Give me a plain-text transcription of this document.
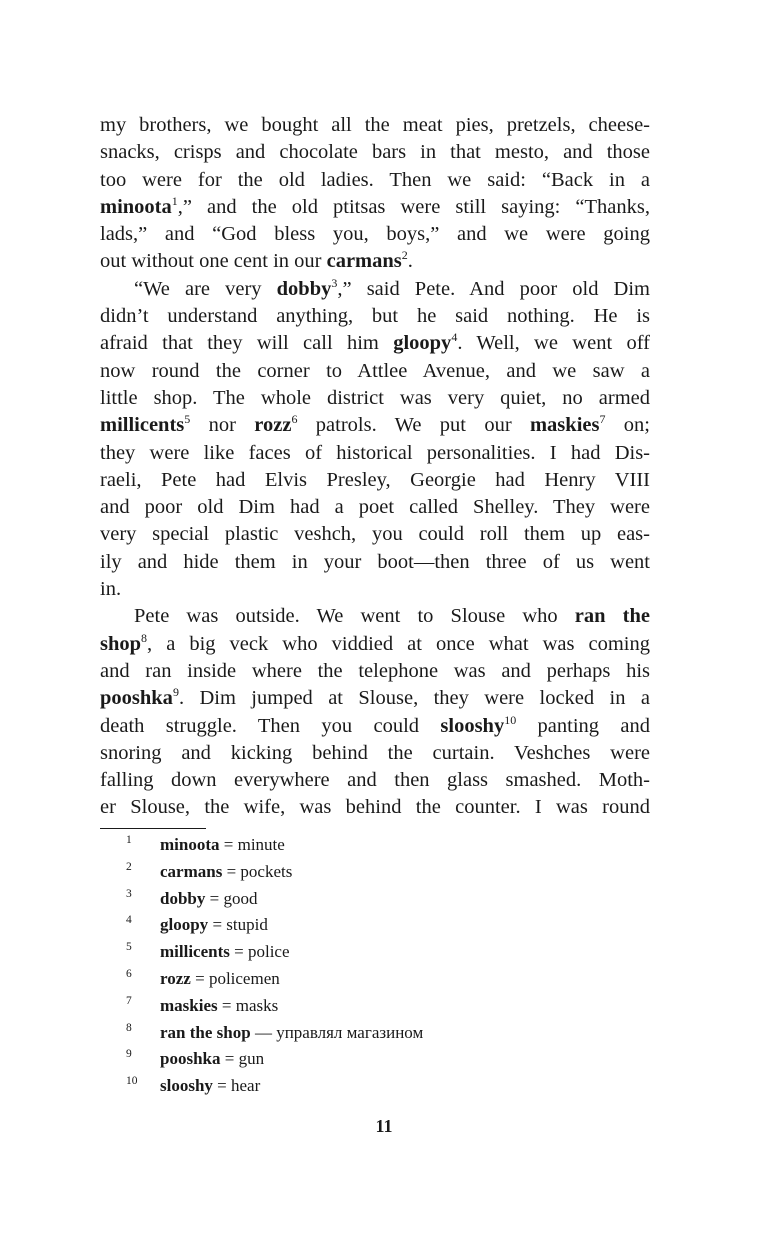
my brothers, we bought all the meat pies, pretzels, cheese-
snacks, crisps and chocolate bars in that mesto, and those
too were for the old ladies. Then we said: “Back in a
minoota$^1$,” and the old ptitsas were still saying: “Thanks,
lads,” and “God bless you, boys,” and we were going
out without one cent in our carmans$^2$.
“We are very dobby$^3$,” said Pete. And poor old Dim
didn’t understand anything, but he said nothing. He is
afraid that they will call him gloopy$^4$. Well, we went off
now round the corner to Attlee Avenue, and we saw a
little shop. The whole district was very quiet, no armed
millicents$^5$ nor rozz$^6$ patrols. We put our maskies$^7$ on;
they were like faces of historical personalities. I had Dis-
raeli, Pete had Elvis Presley, Georgie had Henry VIII
and poor old Dim had a poet called Shelley. They were
very special plastic veshch, you could roll them up eas-
ily and hide them in your boot—then three of us went
in.
Pete was outside. We went to Slouse who ran the
shop$^8$, a big veck who viddied at once what was coming
and ran inside where the telephone was and perhaps his
pooshka$^9$. Dim jumped at Slouse, they were locked in a
death struggle. Then you could slooshy$^{10}$ panting and
snoring and kicking behind the curtain. Veshches were
falling down everywhere and then glass smashed. Moth-
er Slouse, the wife, was behind the counter. I was round
1 minoota = minute
2 carmans = pockets
3 dobby = good
4 gloopy = stupid
5 millicents = police
6 rozz = policemen
7 maskies = masks
8 ran the shop — управлял магазином
9 pooshka = gun
10 slooshy = hear
11
